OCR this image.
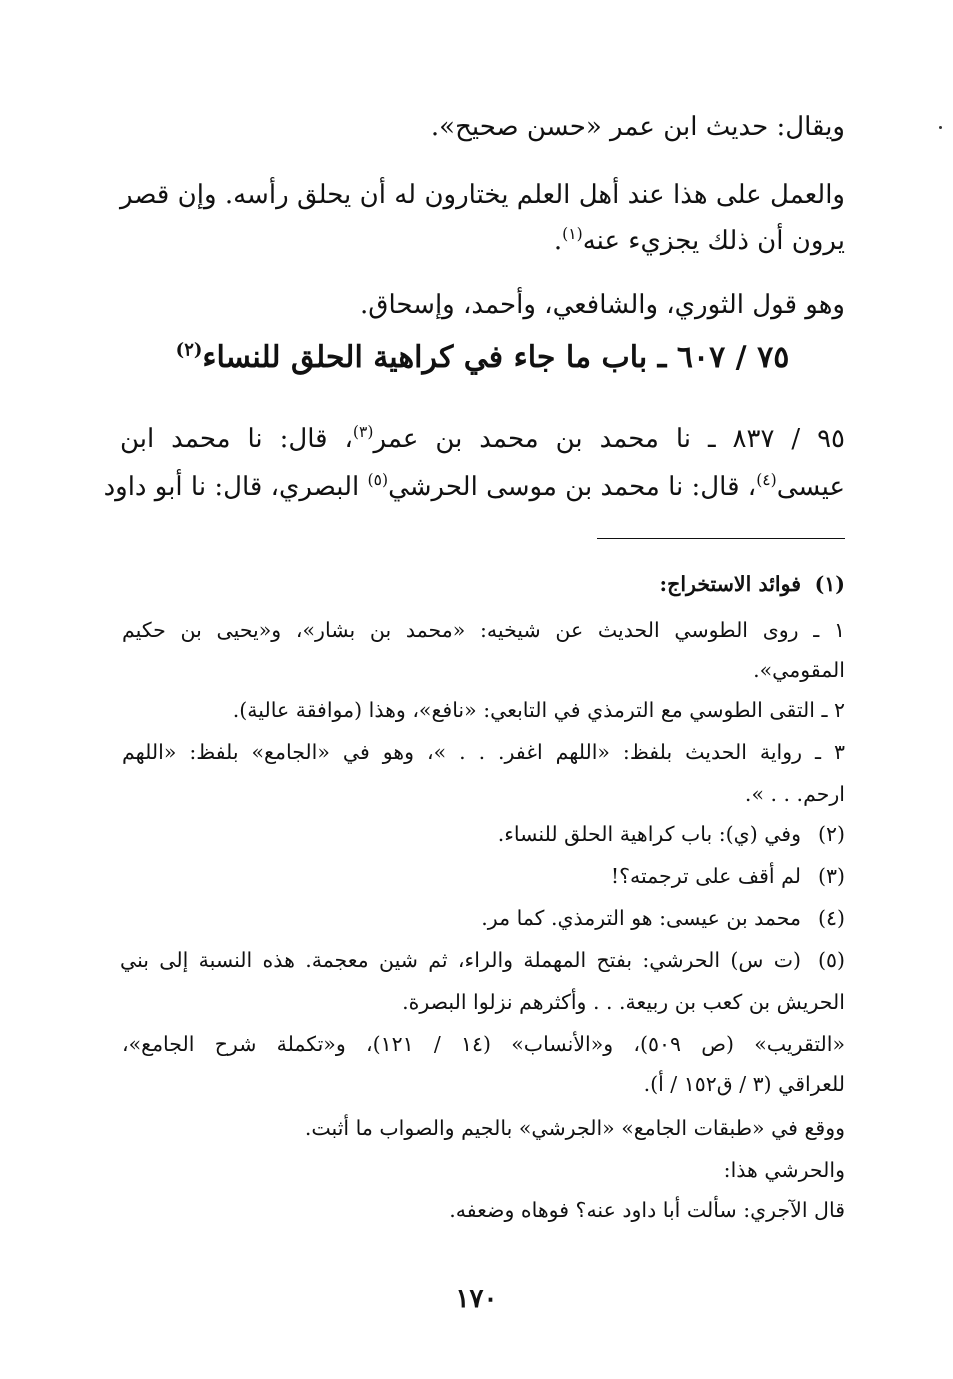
ويقال: حديث ابن عمر «حسن صحيح».
والعمل على هذا عند أهل العلم يختارون له أن يحلق رأسه. وإن قصر
يرون أن ذلك يجزيء عنه$^{(١)}$.
وهو قول الثوري، والشافعي، وأحمد، وإسحاق.
٩٥ / ٨٣٧ ـ نا محمد بن محمد بن عمر$^{(٣)}$، قال: نا محمد ابن
عيسى$^{(٤)}$، قال: نا محمد بن موسى الحرشي$^{(٥)}$ البصري، قال: نا أبو داود
٧٥ / ٦٠٧ ـ باب ما جاء في كراهية الحلق للنساء$^{(٢)}$
(١)
فوائد الاستخراج:
١ ـ روى الطوسي الحديث عن شيخيه: «محمد بن بشار»، و«يحيى بن حكيم
المقومي».
٢ ـ التقى الطوسي مع الترمذي في التابعي: «نافع»، وهذا (موافقة عالية).
٣ ـ رواية الحديث بلفظ: «اللهم اغفر. . . »، وهو في «الجامع» بلفظ: «اللهم
ارحم. . . ».
(٢)
وفي (ي): باب كراهية الحلق للنساء.
(٣)
لم أقف على ترجمته؟!
(٤)
محمد بن عيسى: هو الترمذي. كما مر.
(٥)
(ت س) الحرشي: بفتح المهملة والراء، ثم شين معجمة. هذه النسبة إلى بني
الحريش بن كعب بن ربيعة. . . وأكثرهم نزلوا البصرة.
«التقريب» (ص ٥٠٩)، و«الأنساب» (١٤ / ١٢١)، و«تكملة شرح الجامع»،
للعراقي (٣ / ق١٥٢ / أ).
ووقع في «طبقات الجامع» «الجرشي» بالجيم والصواب ما أثبت.
والحرشي هذا:
قال الآجري: سألت أبا داود عنه؟ فوهاه وضعفه.
١٧٠
